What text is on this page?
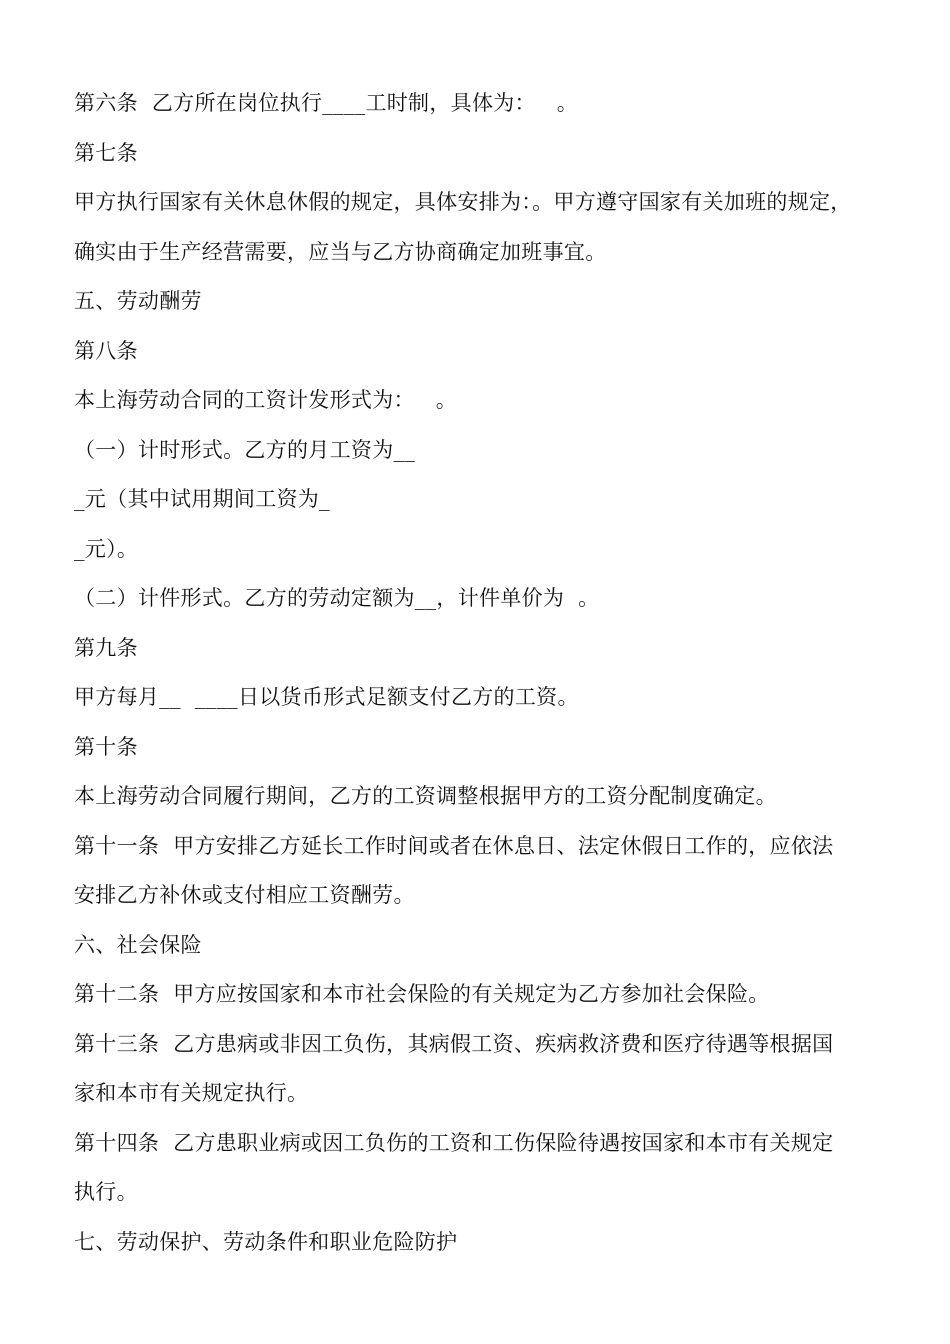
第六条  乙方所在岗位执行____工时制，具体为：   。
第七条
甲方执行国家有关休息休假的规定，具体安排为：。甲方遵守国家有关加班的规定，
确实由于生产经营需要，应当与乙方协商确定加班事宜。
五、劳动酬劳
第八条
本上海劳动合同的工资计发形式为：   。
（一）计时形式。乙方的月工资为__
_元（其中试用期间工资为_
_元）。
（二）计件形式。乙方的劳动定额为__，计件单价为  。
第九条
甲方每月__  ____日以货币形式足额支付乙方的工资。
第十条
本上海劳动合同履行期间，乙方的工资调整根据甲方的工资分配制度确定。
第十一条  甲方安排乙方延长工作时间或者在休息日、法定休假日工作的，应依法
安排乙方补休或支付相应工资酬劳。
六、社会保险
第十二条  甲方应按国家和本市社会保险的有关规定为乙方参加社会保险。
第十三条  乙方患病或非因工负伤，其病假工资、疾病救济费和医疗待遇等根据国
家和本市有关规定执行。
第十四条  乙方患职业病或因工负伤的工资和工伤保险待遇按国家和本市有关规定
执行。
七、劳动保护、劳动条件和职业危险防护
